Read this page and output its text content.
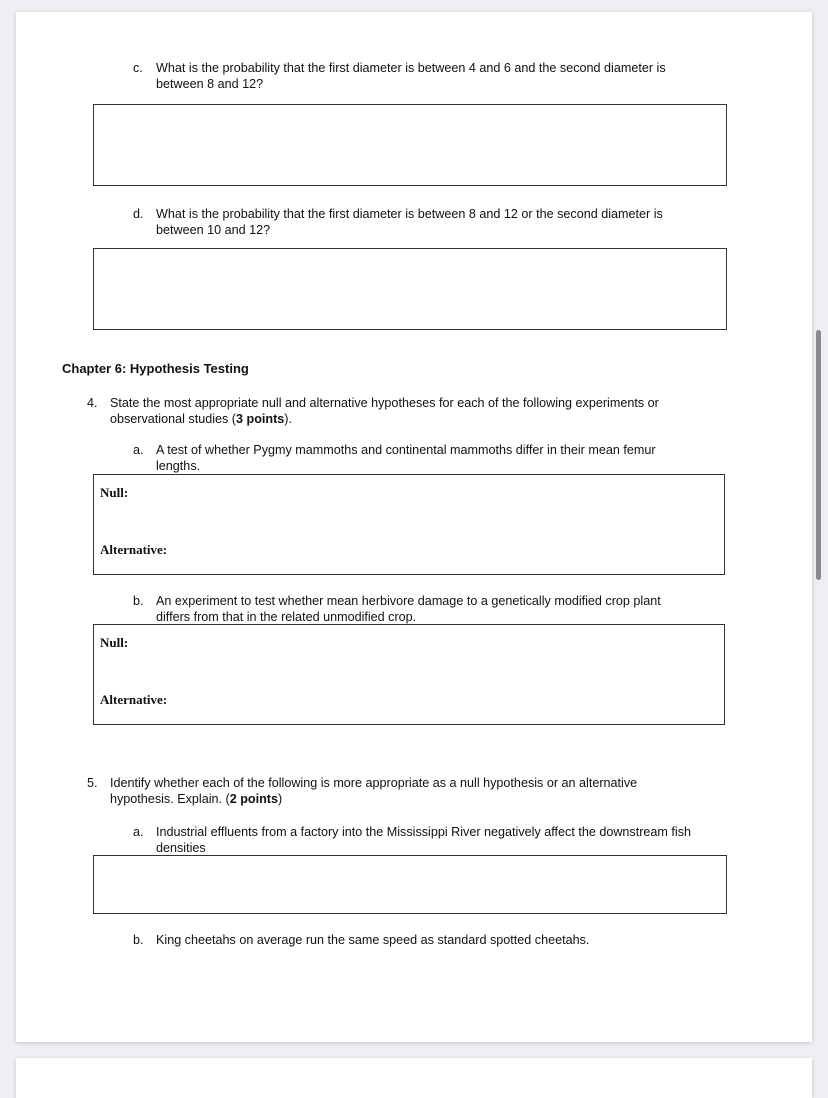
c. What is the probability that the first diameter is between 4 and 6 and the second diameter is
between 8 and 12?
d. What is the probability that the first diameter is between 8 and 12 or the second diameter is
between 10 and 12?
Chapter 6: Hypothesis Testing
4. State the most appropriate null and alternative hypotheses for each of the following experiments or
observational studies (3 points).
a. A test of whether Pygmy mammoths and continental mammoths differ in their mean femur
lengths.
Null:
Alternative:
b. An experiment to test whether mean herbivore damage to a genetically modified crop plant
differs from that in the related unmodified crop.
Null:
Alternative:
5. Identify whether each of the following is more appropriate as a null hypothesis or an alternative
hypothesis. Explain. (2 points)
a. Industrial effluents from a factory into the Mississippi River negatively affect the downstream fish
densities
b. King cheetahs on average run the same speed as standard spotted cheetahs.
